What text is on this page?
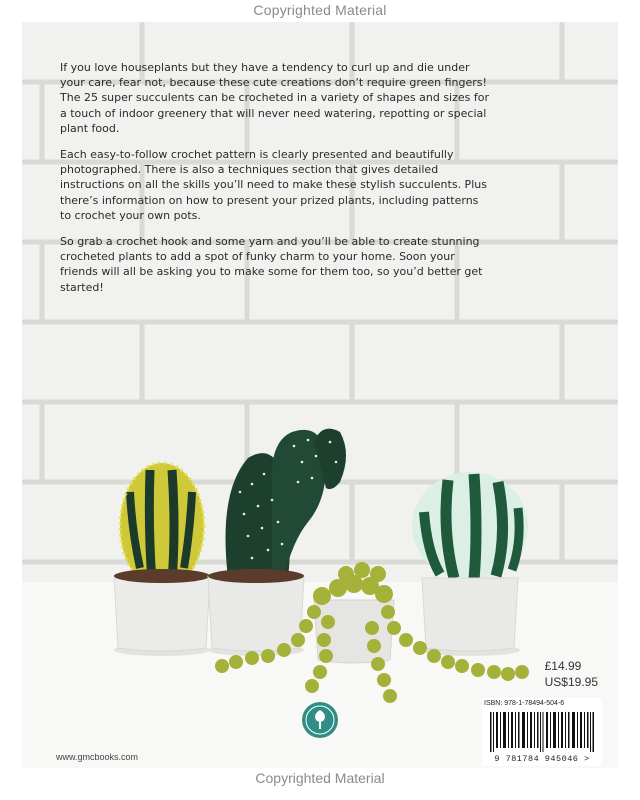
Copyrighted Material

If you love houseplants but they have a tendency to curl up and die under your care, fear not, because these cute creations don’t require green fingers! The 25 super succulents can be crocheted in a variety of shapes and sizes for a touch of indoor greenery that will never need watering, repotting or special plant food.

Each easy-to-follow crochet pattern is clearly presented and beautifully photographed. There is also a techniques section that gives detailed instructions on all the skills you’ll need to make these stylish succulents. Plus there’s information on how to present your prized plants, including patterns to crochet your own pots.

So grab a crochet hook and some yarn and you’ll be able to create stunning crocheted plants to add a spot of funky charm to your home. Soon your friends will all be asking you to make some for them too, so you’d better get started!

£14.99
US$19.95
ISBN: 978-1-78494-504-6
9 781784 945046 >
www.gmcbooks.com
Copyrighted Material
